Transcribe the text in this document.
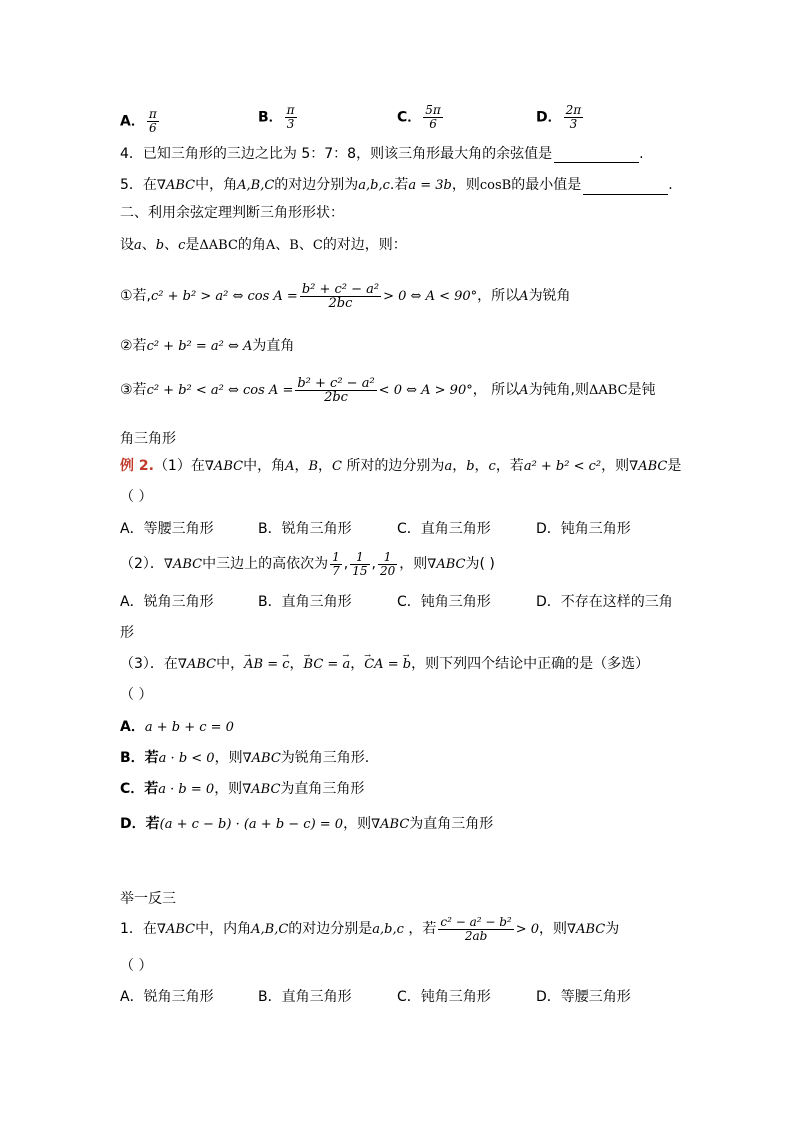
A． $\frac{\pi}{6}$	B． $\frac{\pi}{3}$	C． $\frac{5\pi}{6}$	D． $\frac{2\pi}{3}$
4．已知三角形的三边之比为 5：7：8，则该三角形最大角的余弦值是	.
5．在∇ABC中，角A,B,C的对边分别为a,b,c.若a = 3b，则cosB的最小值是	.
二、利用余弦定理判断三角形形状：
设a、b、c是ΔABC的角A、B、C的对边，则：
①若,c² + b² > a² ⇔ $\cos A = \frac{\text{b² + c² − a²}}{2bc} > 0$ ⇔ A < 90°，所以A为锐角
②若c² + b² = a² ⇔ A为直角
③若c² + b² < a² ⇔ $\cos A = \frac{\text{b² + c² − a²}}{2bc} < 0$ ⇔ A > 90°， 所以A为钝角,则ΔABC是钝
角三角形
例 2.（1）在∇ABC中，角A，B，C 所对的边分别为a，b，c，若a² + b² < c²，则∇ABC是
（ ）
A．等腰三角形	B．锐角三角形	C．直角三角形	D．钝角三角形
（2）．∇ABC中三边上的高依次为 $\frac{1}{7}$ , $\frac{1}{15}$ , $\frac{1}{20}$ ，则∇ABC为( )
A．锐角三角形	B．直角三角形	C．钝角三角形	D．不存在这样的三角
形
（3）．在∇ABC中，→ AB = → c，→ BC = → a，→ CA = → b，则下列四个结论中正确的是（多选）
（ ）
A．a + b + c = 0
B．若a · b < 0，则∇ABC为锐角三角形.
C．若a · b = 0，则∇ABC为直角三角形
D．若(a + c − b) · (a + b − c) = 0，则∇ABC为直角三角形
举一反三
1．在∇ABC中，内角A,B,C的对边分别是a,b,c ，若 $\frac{\text{c² − a² − b²}}{2ab} > 0$，则∇ABC为
（ ）
A．锐角三角形	B．直角三角形	C．钝角三角形	D．等腰三角形
